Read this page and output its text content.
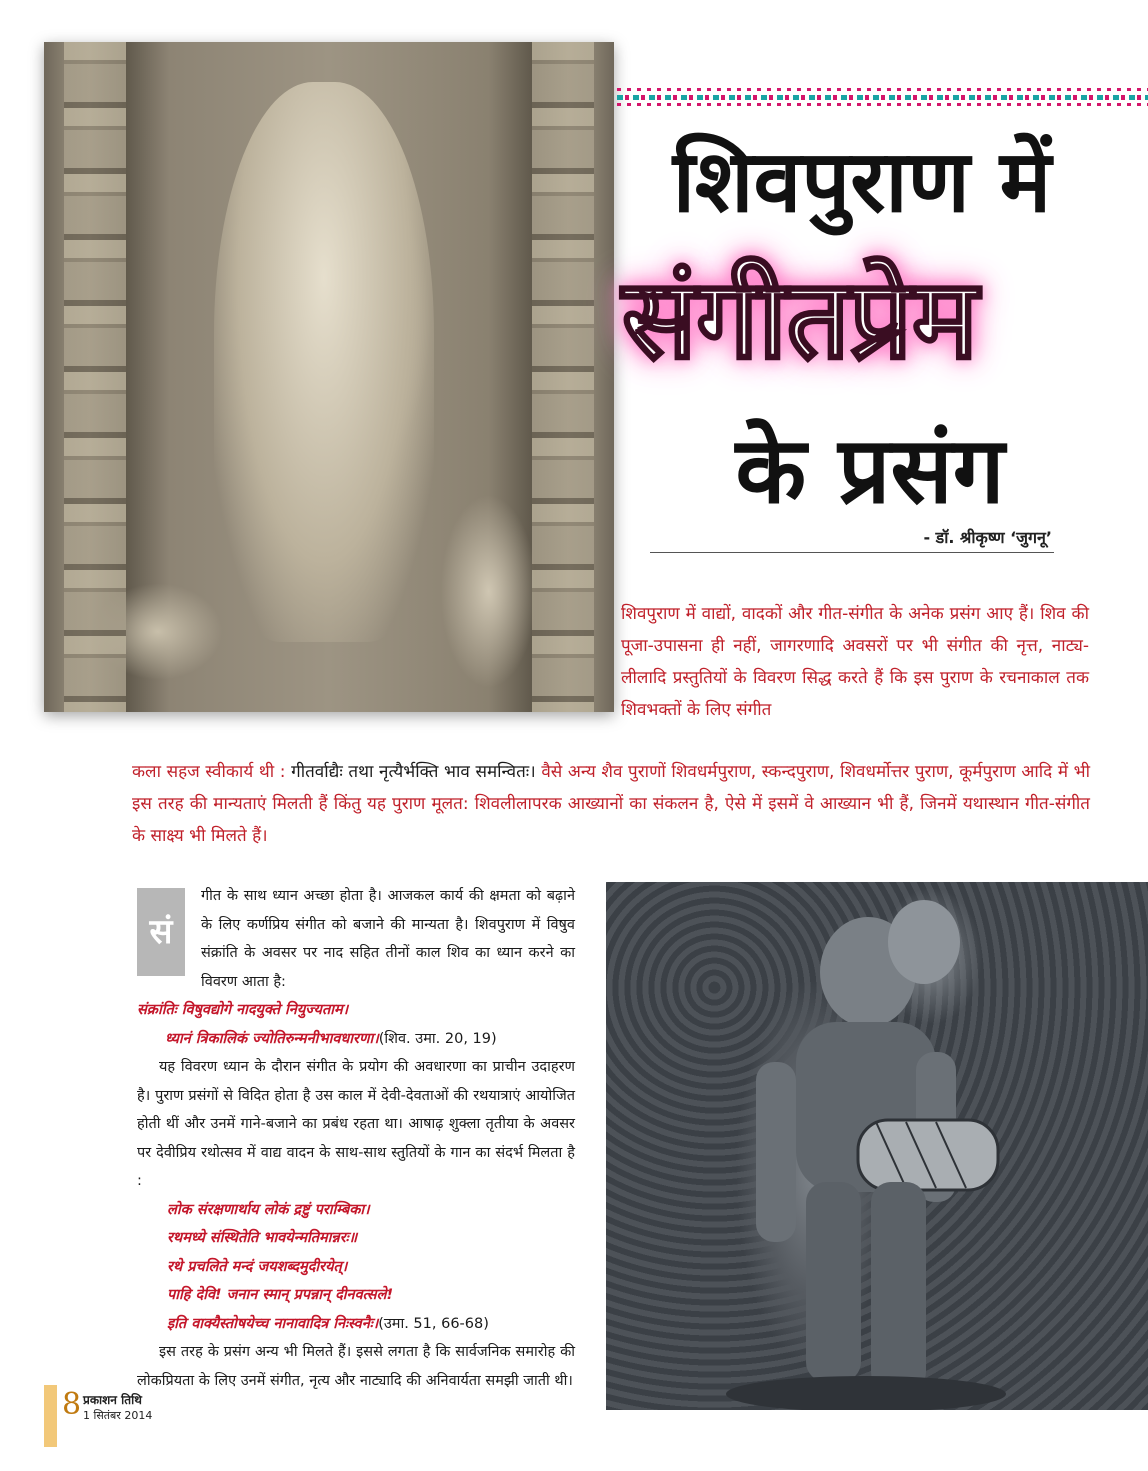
शिवपुराण में
संगीतप्रेम
के प्रसंग
- डॉ. श्रीकृष्ण ‘जुगनू’
शिवपुराण में वाद्यों, वादकों और गीत-संगीत के अनेक प्रसंग आए हैं। शिव की पूजा-उपासना ही नहीं, जागरणादि अवसरों पर भी संगीत की नृत्त, नाट्य-लीलादि प्रस्तुतियों के विवरण सिद्ध करते हैं कि इस पुराण के रचनाकाल तक शिवभक्तों के लिए संगीत
कला सहज स्वीकार्य थी : गीतर्वाद्यैः तथा नृत्यैर्भक्ति भाव समन्वितः। वैसे अन्य शैव पुराणों शिवधर्मपुराण, स्कन्दपुराण, शिवधर्मोत्तर पुराण, कूर्मपुराण आदि में भी इस तरह की मान्यताएं मिलती हैं किंतु यह पुराण मूलत: शिवलीलापरक आख्यानों का संकलन है, ऐसे में इसमें वे आख्यान भी हैं, जिनमें यथास्थान गीत-संगीत के साक्ष्य भी मिलते हैं।
सं

गीत के साथ ध्यान अच्छा होता है। आजकल कार्य की क्षमता को बढ़ाने के लिए कर्णप्रिय संगीत को बजाने की मान्यता है। शिवपुराण में विषुव संक्रांति के अवसर पर नाद सहित तीनों काल शिव का ध्यान करने का विवरण आता है:

संक्रांतिः विषुवद्योगे नादयुक्ते नियुज्यताम।

ध्यानं त्रिकालिकं ज्योतिरुन्मनीभावधारणा।(शिव. उमा. 20, 19)

यह विवरण ध्यान के दौरान संगीत के प्रयोग की अवधारणा का प्राचीन उदाहरण है। पुराण प्रसंगों से विदित होता है उस काल में देवी-देवताओं की रथयात्राएं आयोजित होती थीं और उनमें गाने-बजाने का प्रबंध रहता था। आषाढ़ शुक्ला तृतीया के अवसर पर देवीप्रिय रथोत्सव में वाद्य वादन के साथ-साथ स्तुतियों के गान का संदर्भ मिलता है :

लोक संरक्षणार्थाय लोकं द्रष्टुं पराम्बिका।

रथमध्ये संस्थितेति भावयेन्मतिमान्नरः॥

रथे प्रचलिते मन्दं जयशब्दमुदीरयेत्।

पाहि देवि! जनान स्मान् प्रपन्नान् दीनवत्सले!

इति वाक्यैस्तोषयेच्च नानावादित्र निःस्वनैः।(उमा. 51, 66-68)

इस तरह के प्रसंग अन्य भी मिलते हैं। इससे लगता है कि सार्वजनिक समारोह की लोकप्रियता के लिए उनमें संगीत, नृत्य और नाट्यादि की अनिवार्यता समझी जाती थी।

8 प्रकाशन तिथि
1 सितंबर 2014
